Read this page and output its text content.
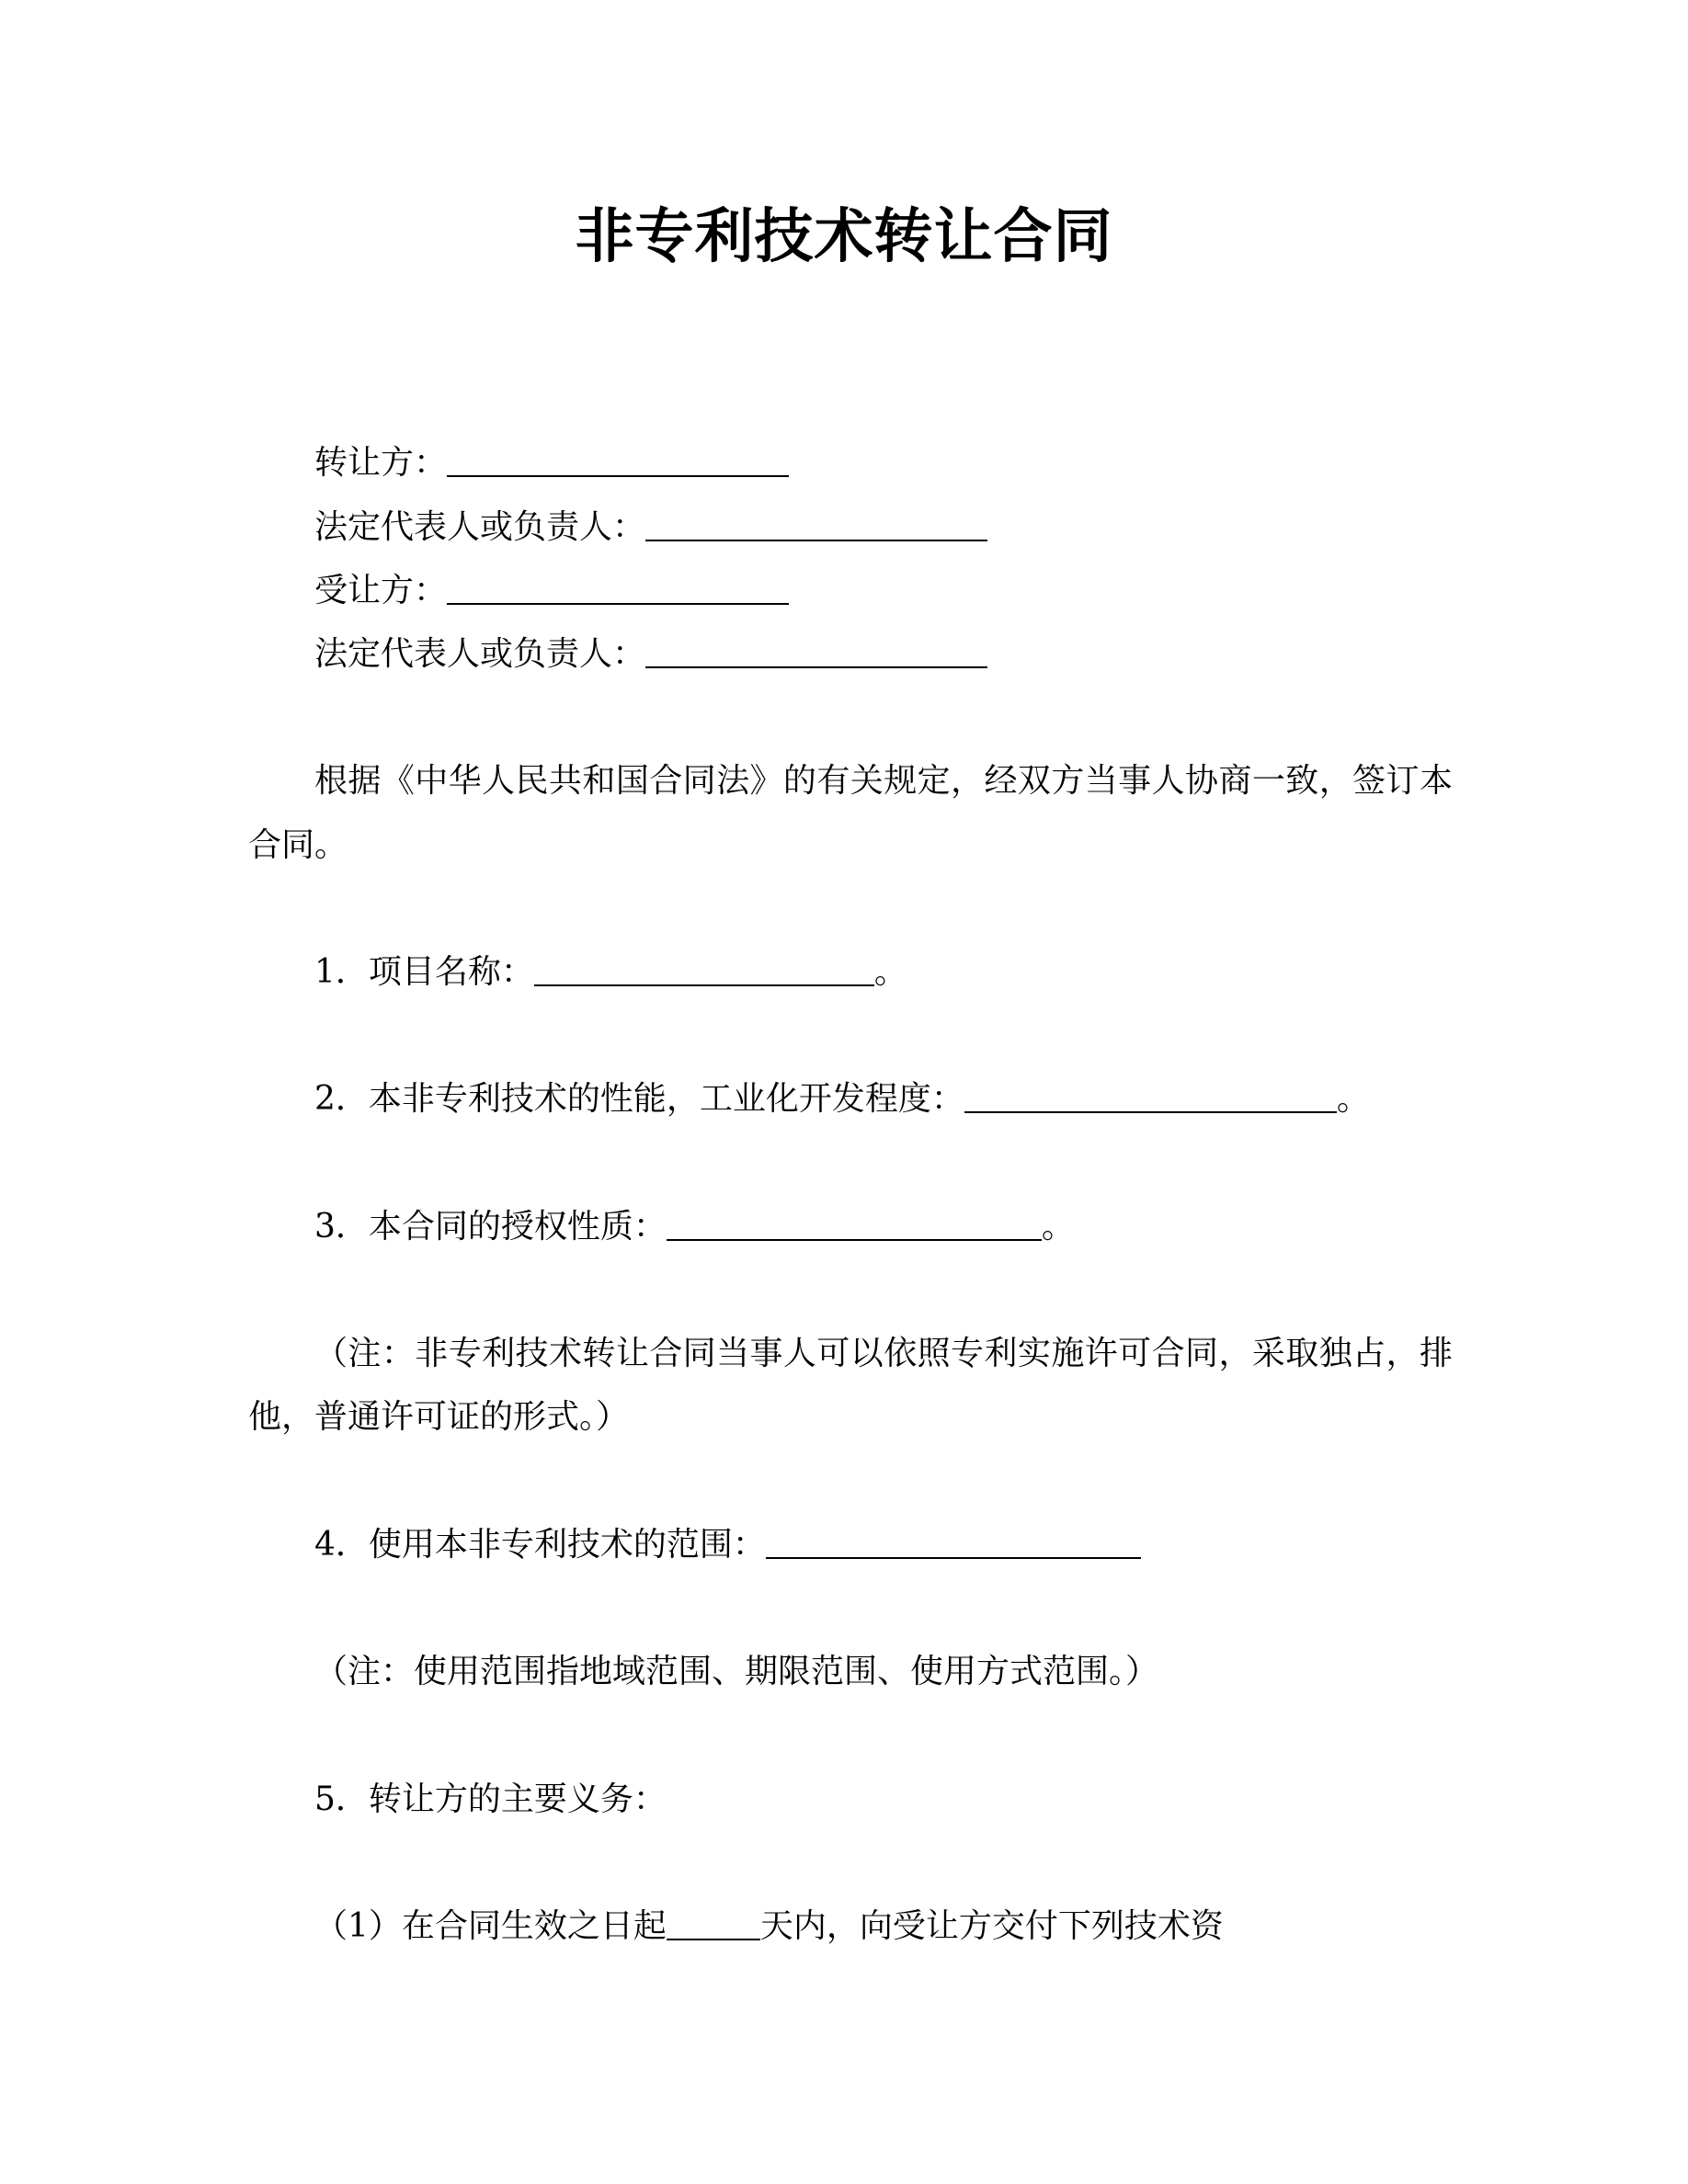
非专利技术转让合同

转让方：

法定代表人或负责人：

受让方：

法定代表人或负责人：

根据《中华人民共和国合同法》的有关规定，经双方当事人协商一致，签订本合同。

1．项目名称：	。

2．本非专利技术的性能，工业化开发程度：	。

3．本合同的授权性质：	。

（注：非专利技术转让合同当事人可以依照专利实施许可合同，采取独占，排他，普通许可证的形式。）

4．使用本非专利技术的范围：

（注：使用范围指地域范围、期限范围、使用方式范围。）

5．转让方的主要义务：

（1）在合同生效之日起	天内，向受让方交付下列技术资
